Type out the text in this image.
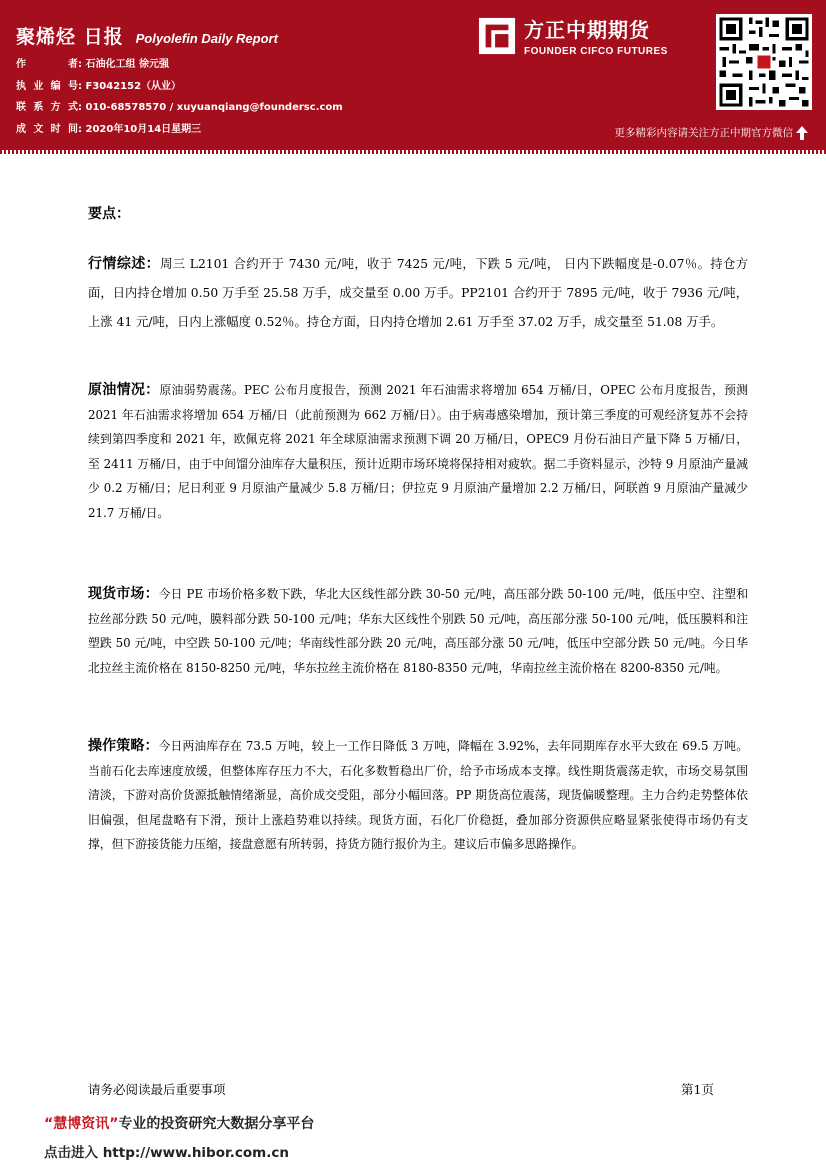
聚烯烃 日报 Polyolefin Daily Report
作者: 石油化工组 徐元强
执业编号: F3042152（从业）
联系方式: 010-68578570 / xuyuanqiang@foundersc.com
成文时间: 2020年10月14日星期三
方正中期期货
FOUNDER CIFCO FUTURES
更多精彩内容请关注方正中期官方微信
要点：
行情综述：周三 L2101 合约开于 7430 元/吨，收于 7425 元/吨，下跌 5 元/吨， 日内下跌幅度是-0.07％。持仓方面，日内持仓增加 0.50 万手至 25.58 万手，成交量至 0.00 万手。PP2101 合约开于 7895 元/吨，收于 7936 元/吨，上涨 41 元/吨，日内上涨幅度 0.52％。持仓方面，日内持仓增加 2.61 万手至 37.02 万手，成交量至 51.08 万手。
原油情况：原油弱势震荡。PEC 公布月度报告，预测 2021 年石油需求将增加 654 万桶/日，OPEC 公布月度报告，预测 2021 年石油需求将增加 654 万桶/日（此前预测为 662 万桶/日）。由于病毒感染增加，预计第三季度的可观经济复苏不会持续到第四季度和 2021 年，欧佩克将 2021 年全球原油需求预测下调 20 万桶/日，OPEC9 月份石油日产量下降 5 万桶/日，至 2411 万桶/日，由于中间馏分油库存大量积压，预计近期市场环境将保持相对疲软。据二手资料显示，沙特 9 月原油产量减少 0.2 万桶/日；尼日利亚 9 月原油产量减少 5.8 万桶/日；伊拉克 9 月原油产量增加 2.2 万桶/日，阿联酋 9 月原油产量减少 21.7 万桶/日。
现货市场：今日 PE 市场价格多数下跌，华北大区线性部分跌 30-50 元/吨，高压部分跌 50-100 元/吨，低压中空、注塑和拉丝部分跌 50 元/吨，膜料部分跌 50-100 元/吨；华东大区线性个别跌 50 元/吨，高压部分涨 50-100 元/吨，低压膜料和注塑跌 50 元/吨，中空跌 50-100 元/吨；华南线性部分跌 20 元/吨，高压部分涨 50 元/吨，低压中空部分跌 50 元/吨。今日华北拉丝主流价格在 8150-8250 元/吨，华东拉丝主流价格在 8180-8350 元/吨，华南拉丝主流价格在 8200-8350 元/吨。
操作策略：今日两油库存在 73.5 万吨，较上一工作日降低 3 万吨，降幅在 3.92%，去年同期库存水平大致在 69.5 万吨。当前石化去库速度放缓，但整体库存压力不大，石化多数暂稳出厂价，给予市场成本支撑。线性期货震荡走软，市场交易氛围清淡，下游对高价货源抵触情绪渐显，高价成交受阻，部分小幅回落。PP 期货高位震荡，现货偏暖整理。主力合约走势整体依旧偏强，但尾盘略有下滑，预计上涨趋势难以持续。现货方面，石化厂价稳挺，叠加部分资源供应略显紧张使得市场仍有支撑，但下游接货能力压缩，接盘意愿有所转弱，持货方随行报价为主。建议后市偏多思路操作。
请务必阅读最后重要事项	第1页
“慧博资讯”专业的投资研究大数据分享平台
点击进入 http://www.hibor.com.cn
